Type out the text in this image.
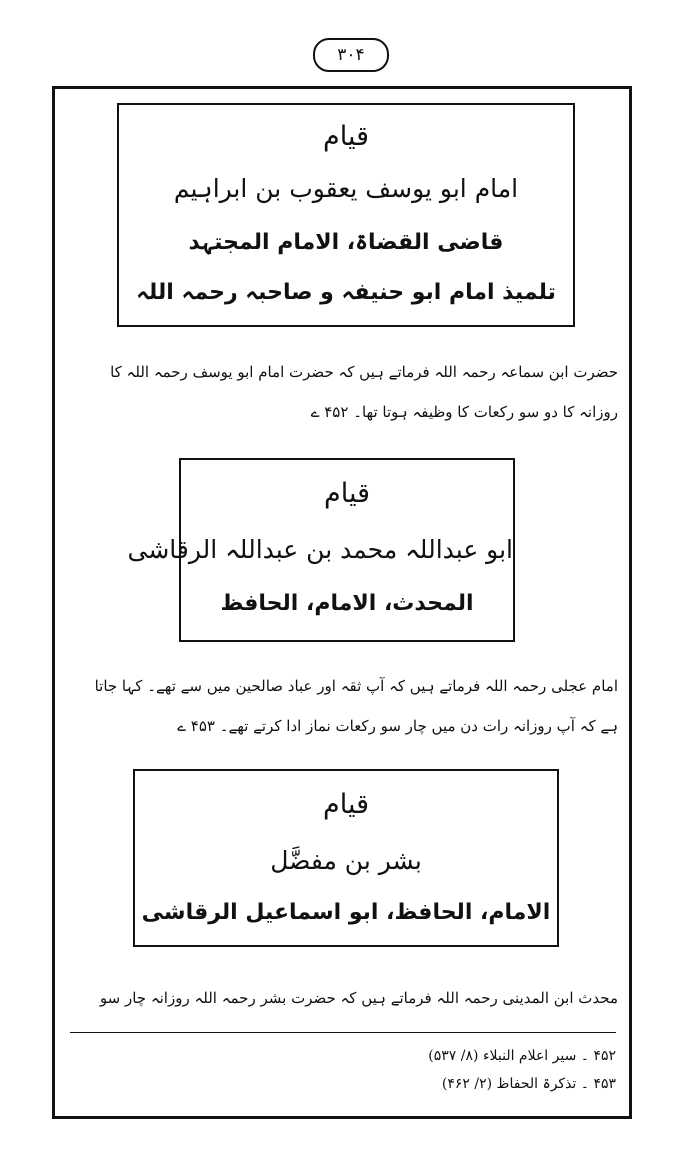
۳۰۴
قیام
امام ابو یوسف یعقوب بن ابراہیم
قاضی القضاۃ، الامام المجتہد
تلمیذ امام ابو حنیفہ و صاحبہ رحمہ اللہ
حضرت ابن سماعہ رحمہ اللہ فرماتے ہیں کہ حضرت امام ابو یوسف رحمہ اللہ کا
روزانہ کا دو سو رکعات کا وظیفہ ہوتا تھا۔ ۴۵۲ ے
قیام
ابو عبداللہ محمد بن عبداللہ الرقاشی
المحدث، الامام، الحافظ
امام عجلی رحمہ اللہ فرماتے ہیں کہ آپ ثقہ اور عباد صالحین میں سے تھے۔ کہا جاتا
ہے کہ آپ روزانہ رات دن میں چار سو رکعات نماز ادا کرتے تھے۔ ۴۵۳ ے
قیام
بشر بن مفضَّل
الامام، الحافظ، ابو اسماعیل الرقاشی
محدث ابن المدینی رحمہ اللہ فرماتے ہیں کہ حضرت بشر رحمہ اللہ روزانہ چار سو
۴۵۲ ۔ سیر اعلام النبلاء (۸/ ۵۳۷)
۴۵۳ ۔ تذکرۃ الحفاظ (۲/ ۴۶۲)
